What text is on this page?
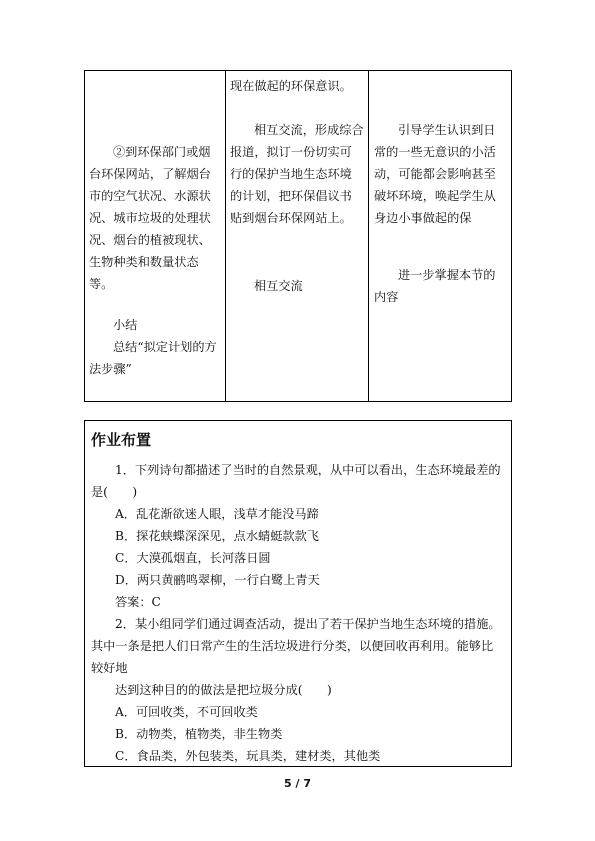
②到环保部门或烟台环保网站，了解烟台市的空气状况、水源状况、城市垃圾的处理状况、烟台的植被现状、生物种类和数量状态等。

小结

总结“拟定计划的方法步骤”

现在做起的环保意识。

相互交流，形成综合报道，拟订一份切实可行的保护当地生态环境的计划，把环保倡议书贴到烟台环保网站上。

相互交流

引导学生认识到日常的一些无意识的小活动，可能都会影响甚至破坏环境，唤起学生从身边小事做起的保

进一步掌握本节的内容

作业布置

1．下列诗句都描述了当时的自然景观，从中可以看出，生态环境最差的是(　　)

A．乱花渐欲迷人眼，浅草才能没马蹄

B．探花蛱蝶深深见，点水蜻蜓款款飞

C．大漠孤烟直，长河落日圆

D．两只黄鹂鸣翠柳，一行白鹭上青天

答案：C

2．某小组同学们通过调查活动，提出了若干保护当地生态环境的措施。其中一条是把人们日常产生的生活垃圾进行分类，以便回收再利用。能够比较好地

达到这种目的的做法是把垃圾分成(　　)

A．可回收类，不可回收类

B．动物类，植物类，非生物类

C．食品类，外包装类，玩具类，建材类，其他类

5 / 7
